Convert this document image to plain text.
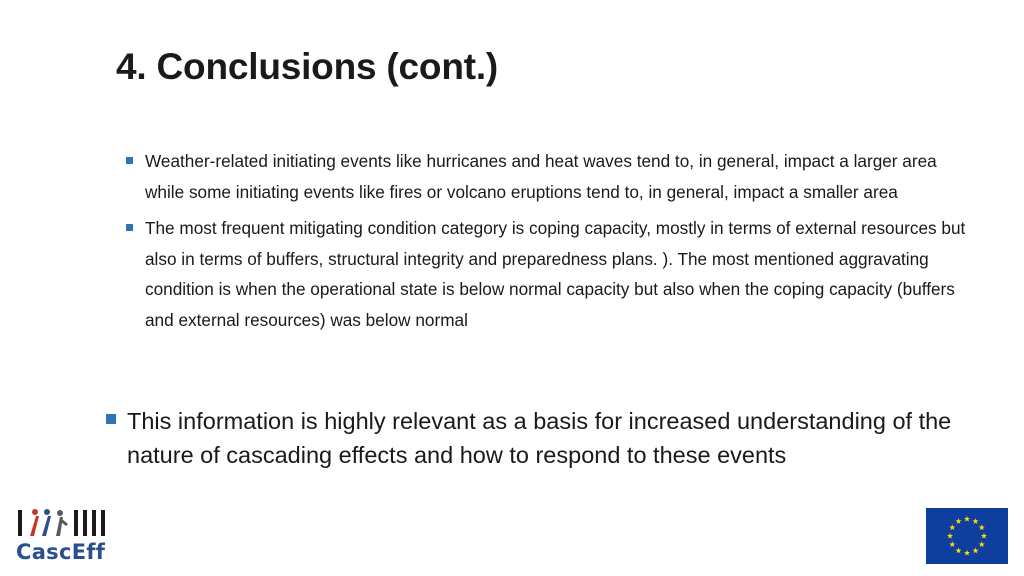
4. Conclusions (cont.)
Weather-related initiating events like hurricanes and heat waves tend to, in general, impact a larger area while some initiating events like fires or volcano eruptions tend to, in general, impact a smaller area
The most frequent mitigating condition category is coping capacity, mostly in terms of external resources but also in terms of buffers, structural integrity and preparedness plans. ). The most mentioned aggravating condition is when the operational state is below normal capacity but also when the coping capacity (buffers and external resources) was below normal
This information is highly relevant as a basis for increased understanding of the nature of cascading effects and how to respond to these events
CascEff
